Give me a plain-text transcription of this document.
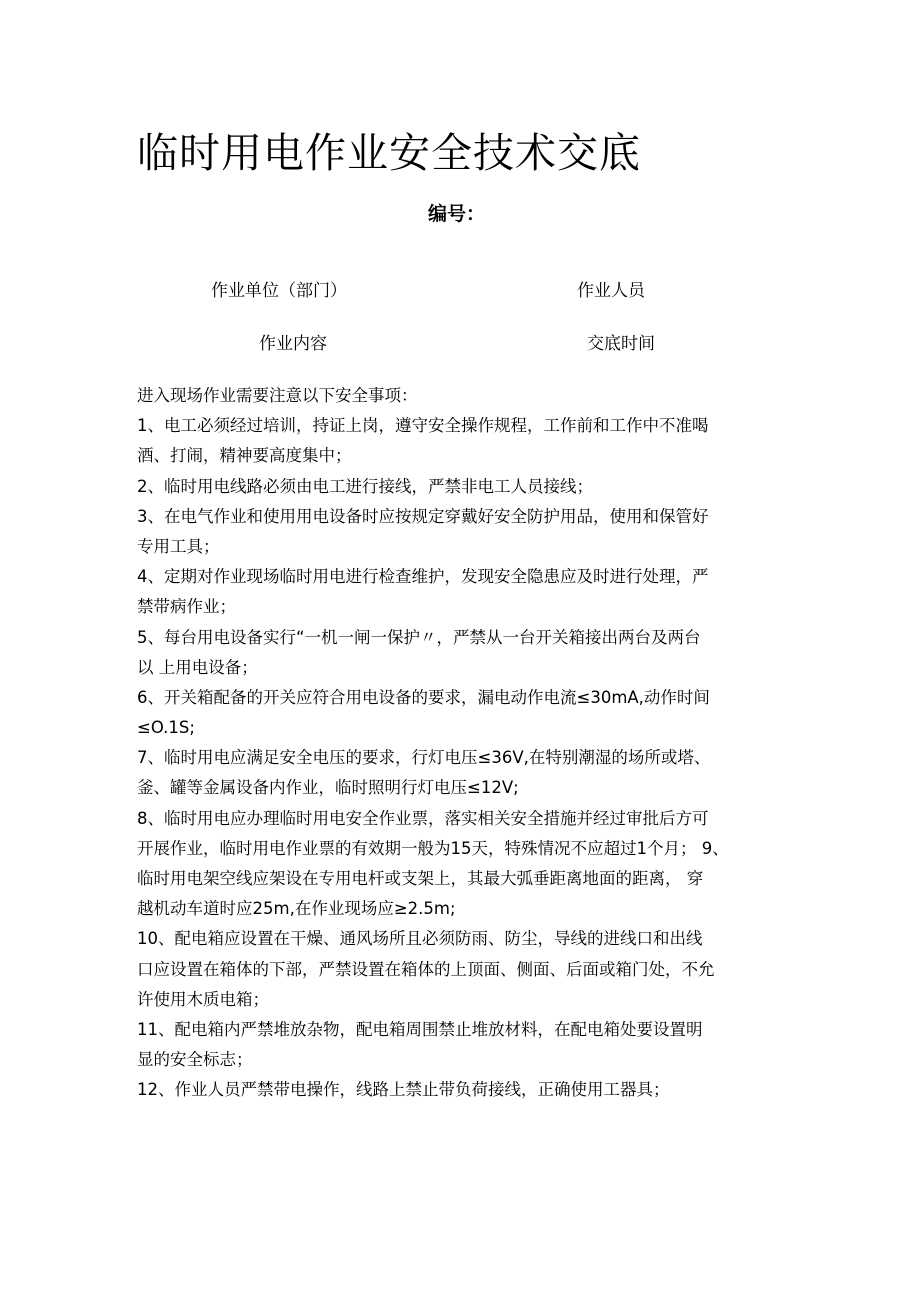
临时用电作业安全技术交底
编号：
作业单位（部门）	作业人员
作业内容	交底时间
进入现场作业需要注意以下安全事项：
1、电工必须经过培训，持证上岗，遵守安全操作规程，工作前和工作中不准喝
酒、打闹，精神要高度集中；
2、临时用电线路必须由电工进行接线，严禁非电工人员接线；
3、在电气作业和使用用电设备时应按规定穿戴好安全防护用品，使用和保管好
专用工具；
4、定期对作业现场临时用电进行检查维护，发现安全隐患应及时进行处理，严
禁带病作业；
5、每台用电设备实行“一机一闸一保护〃，严禁从一台开关箱接出两台及两台
以 上用电设备；
6、开关箱配备的开关应符合用电设备的要求，漏电动作电流≤30mA,动作时间
≤O.1S;
7、临时用电应满足安全电压的要求，行灯电压≤36V,在特别潮湿的场所或塔、
釜、罐等金属设备内作业，临时照明行灯电压≤12V;
8、临时用电应办理临时用电安全作业票，落实相关安全措施并经过审批后方可
开展作业，临时用电作业票的有效期一般为15天，特殊情况不应超过1个月； 9、
临时用电架空线应架设在专用电杆或支架上，其最大弧垂距离地面的距离， 穿
越机动车道时应25m,在作业现场应≥2.5m;
10、配电箱应设置在干燥、通风场所且必须防雨、防尘，导线的进线口和出线
口应设置在箱体的下部，严禁设置在箱体的上顶面、侧面、后面或箱门处，不允
许使用木质电箱；
11、配电箱内严禁堆放杂物，配电箱周围禁止堆放材料，在配电箱处要设置明
显的安全标志；
12、作业人员严禁带电操作，线路上禁止带负荷接线，正确使用工器具；
